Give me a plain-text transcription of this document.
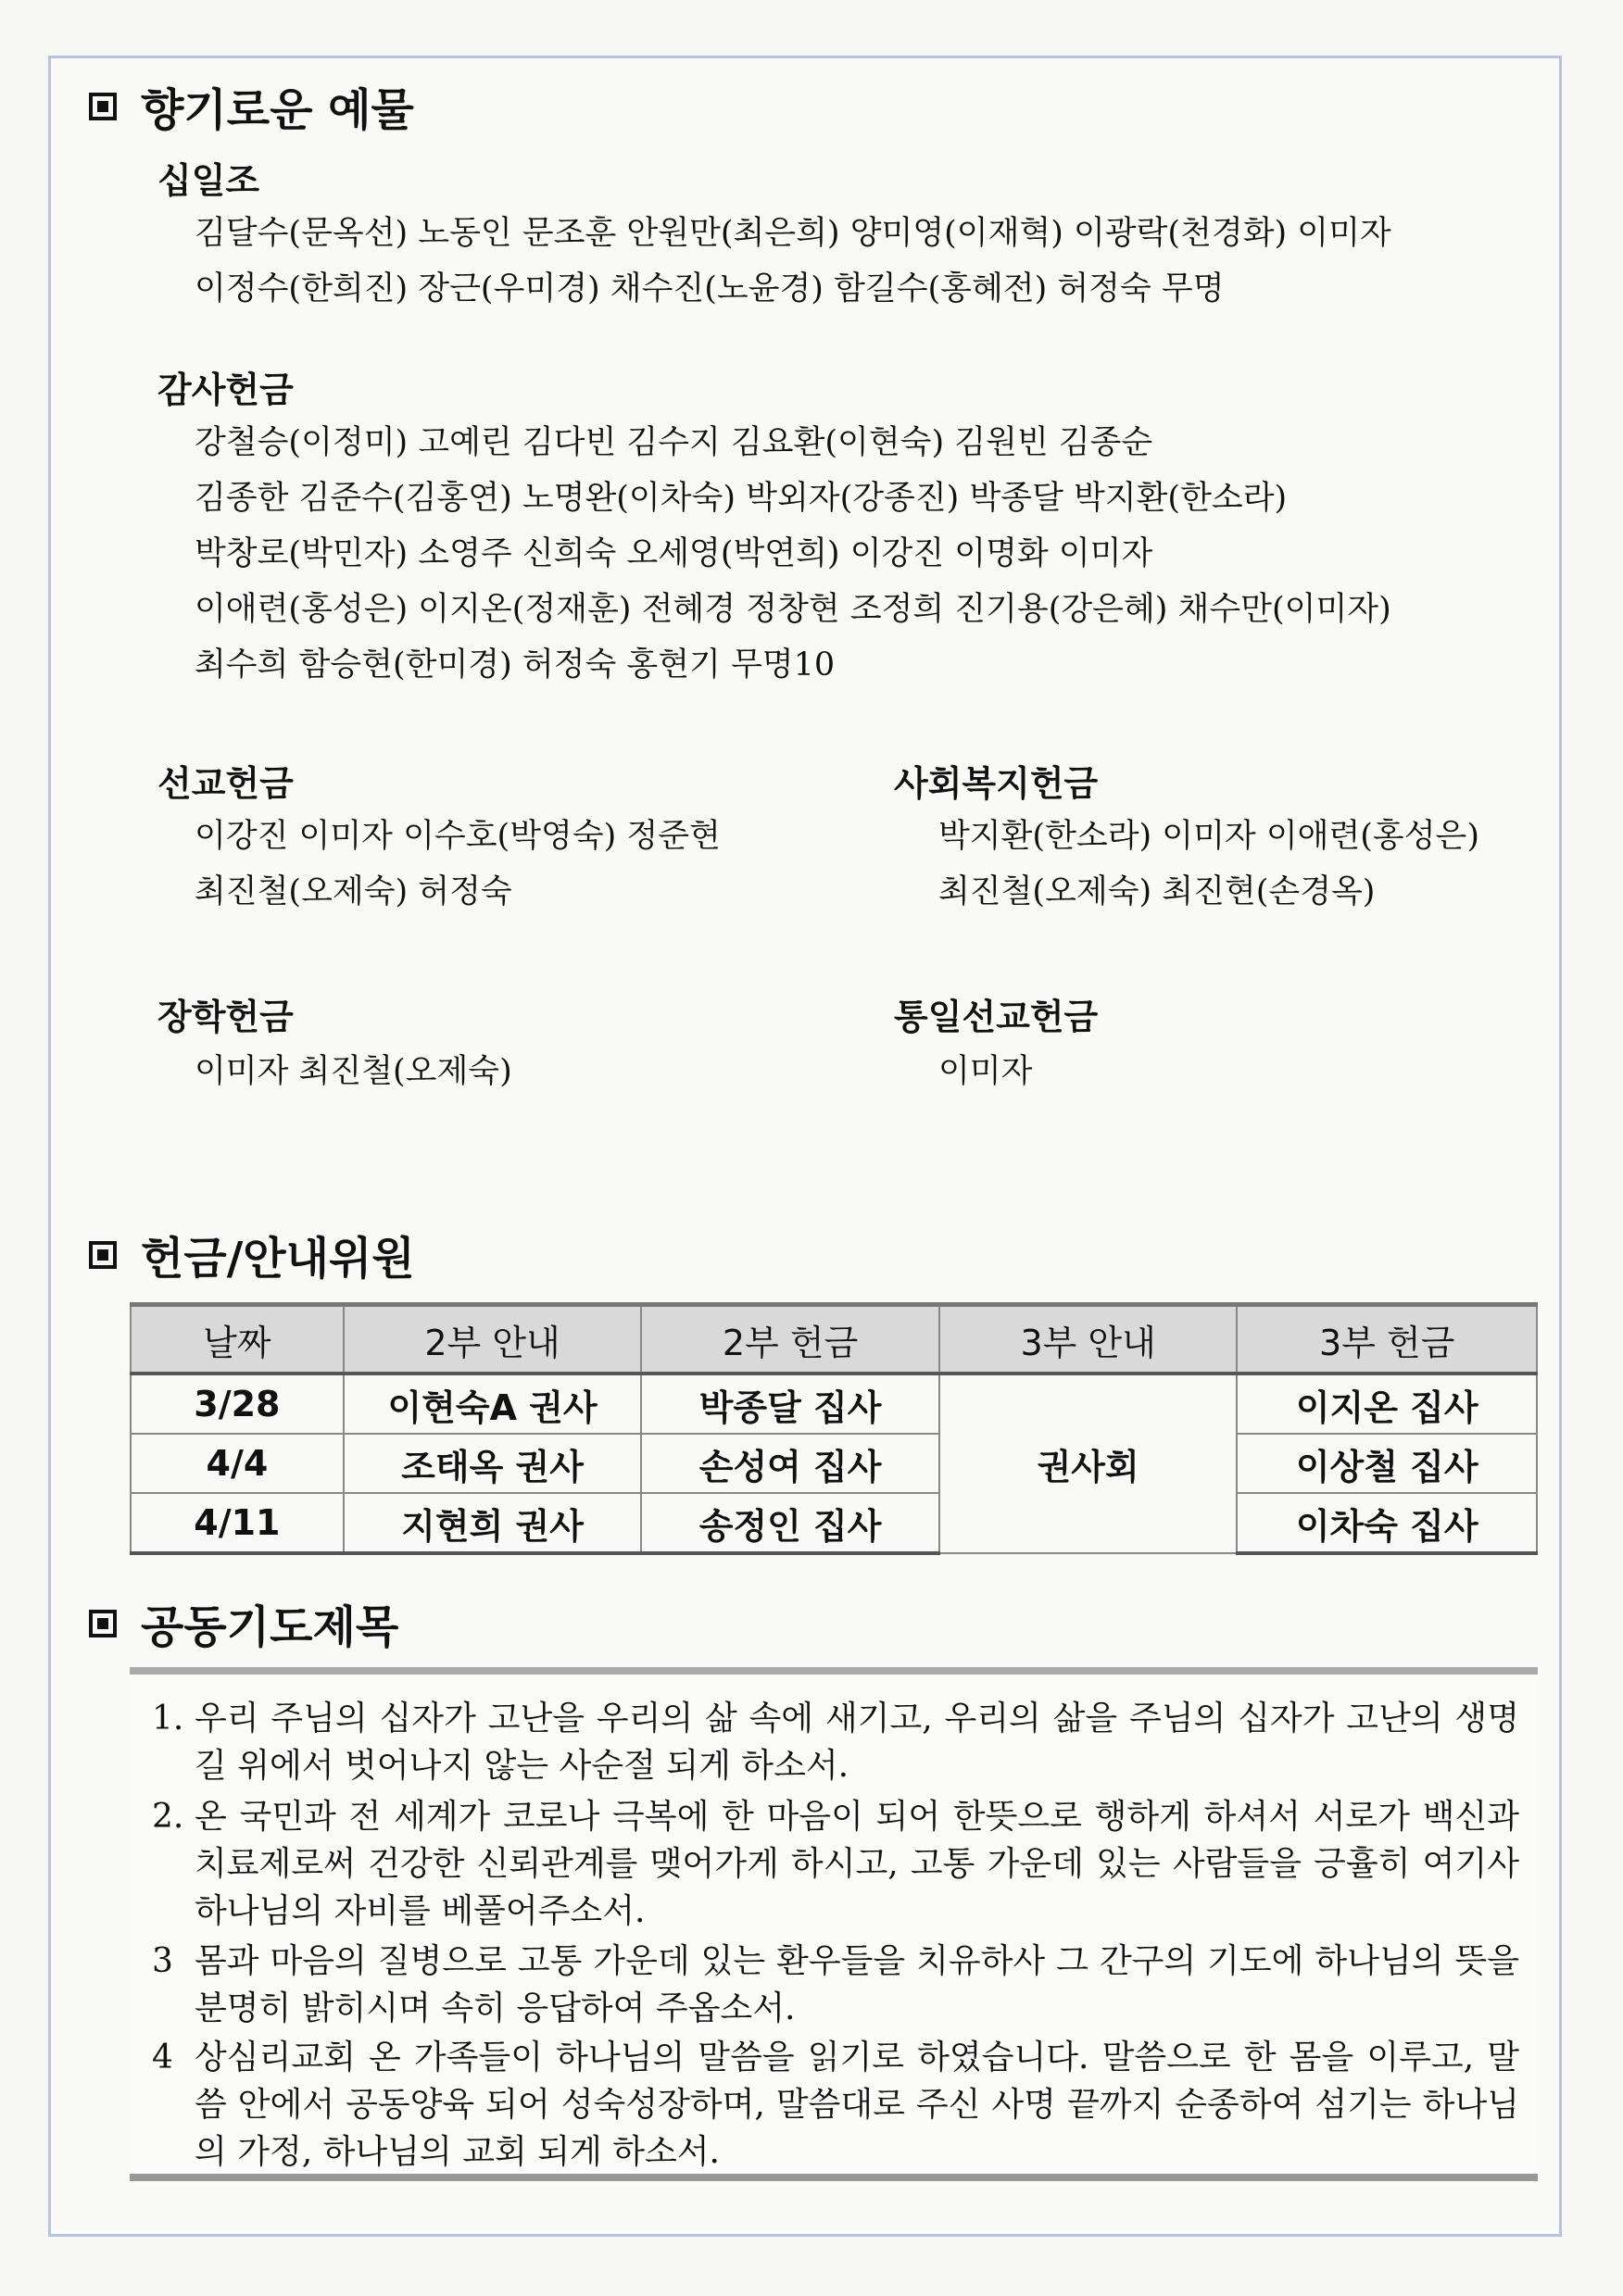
향기로운 예물
십일조
김달수(문옥선) 노동인 문조훈 안원만(최은희) 양미영(이재혁) 이광락(천경화) 이미자
이정수(한희진) 장근(우미경) 채수진(노윤경) 함길수(홍혜전) 허정숙 무명
감사헌금
강철승(이정미) 고예린 김다빈 김수지 김요환(이현숙) 김원빈 김종순
김종한 김준수(김홍연) 노명완(이차숙) 박외자(강종진) 박종달 박지환(한소라)
박창로(박민자) 소영주 신희숙 오세영(박연희) 이강진 이명화 이미자
이애련(홍성은) 이지온(정재훈) 전혜경 정창현 조정희 진기용(강은혜) 채수만(이미자)
최수희 함승현(한미경) 허정숙 홍현기 무명10
선교헌금
이강진 이미자 이수호(박영숙) 정준현
최진철(오제숙) 허정숙
사회복지헌금
박지환(한소라) 이미자 이애련(홍성은)
최진철(오제숙) 최진현(손경옥)
장학헌금
이미자 최진철(오제숙)
통일선교헌금
이미자
헌금/안내위원
날짜	2부 안내	2부 헌금	3부 안내	3부 헌금
3/28	이현숙A 권사	박종달 집사	권사회	이지온 집사
4/4	조태옥 권사	손성여 집사		이상철 집사
4/11	지현희 권사	송정인 집사		이차숙 집사
공동기도제목
1. 우리 주님의 십자가 고난을 우리의 삶 속에 새기고, 우리의 삶을 주님의 십자가 고난의 생명길 위에서 벗어나지 않는 사순절 되게 하소서.
2. 온 국민과 전 세계가 코로나 극복에 한 마음이 되어 한뜻으로 행하게 하셔서 서로가 백신과 치료제로써 건강한 신뢰관계를 맺어가게 하시고, 고통 가운데 있는 사람들을 긍휼히 여기사 하나님의 자비를 베풀어주소서.
3 몸과 마음의 질병으로 고통 가운데 있는 환우들을 치유하사 그 간구의 기도에 하나님의 뜻을 분명히 밝히시며 속히 응답하여 주옵소서.
4 상심리교회 온 가족들이 하나님의 말씀을 읽기로 하였습니다. 말씀으로 한 몸을 이루고, 말씀 안에서 공동양육 되어 성숙성장하며, 말씀대로 주신 사명 끝까지 순종하여 섬기는 하나님의 가정, 하나님의 교회 되게 하소서.
